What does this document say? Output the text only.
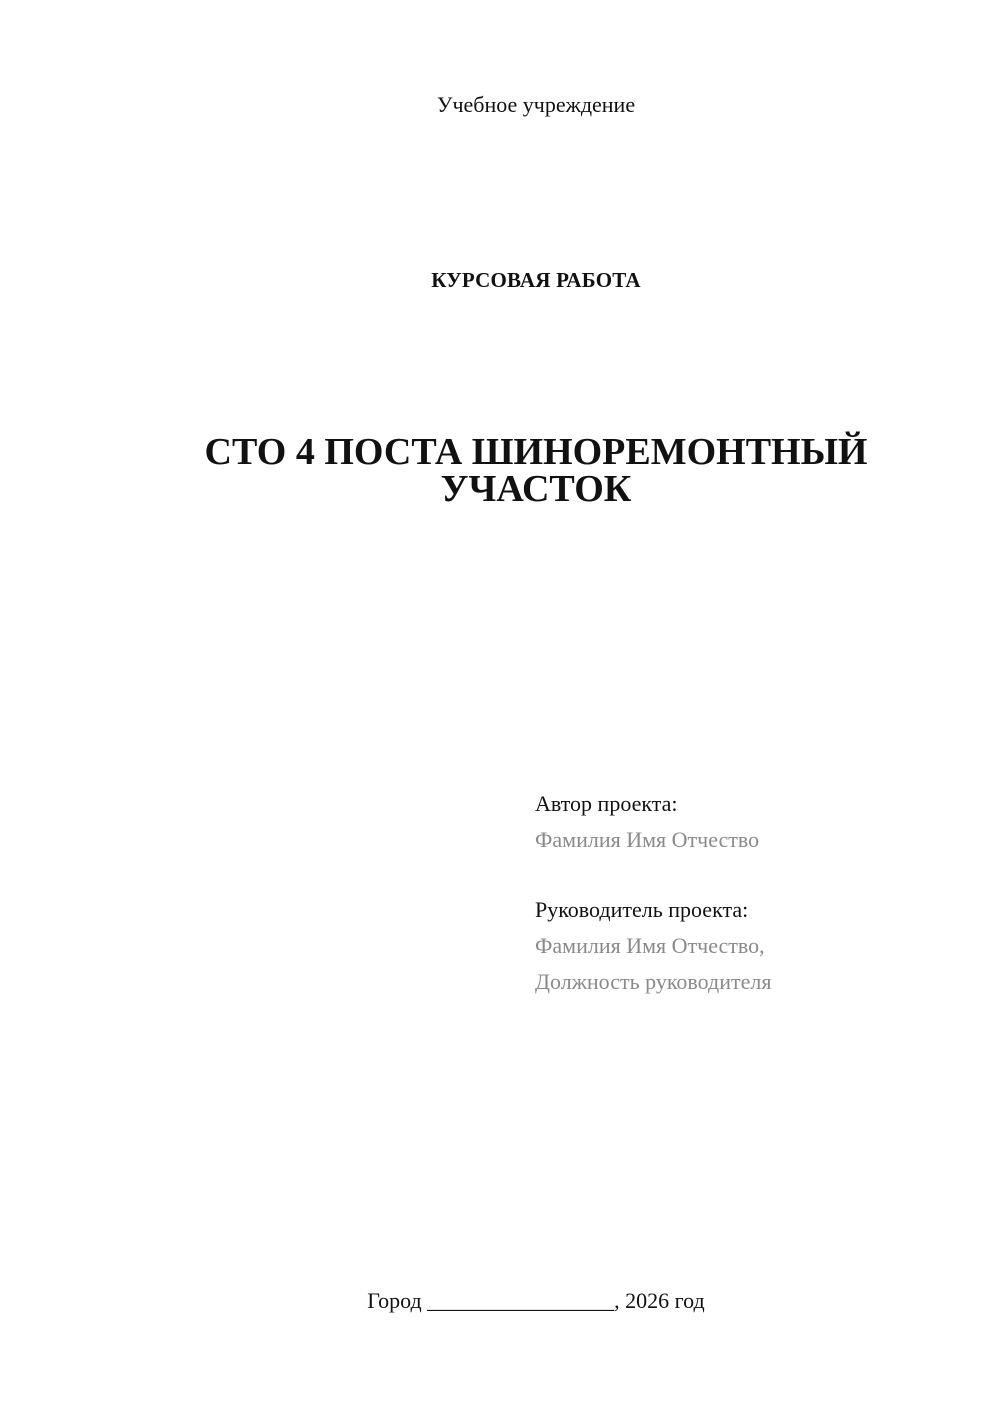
Учебное учреждение
КУРСОВАЯ РАБОТА
СТО 4 ПОСТА ШИНОРЕМОНТНЫЙ
УЧАСТОК
Автор проекта:
Фамилия Имя Отчество
Руководитель проекта:
Фамилия Имя Отчество,
Должность руководителя
Город _________________, 2026 год
